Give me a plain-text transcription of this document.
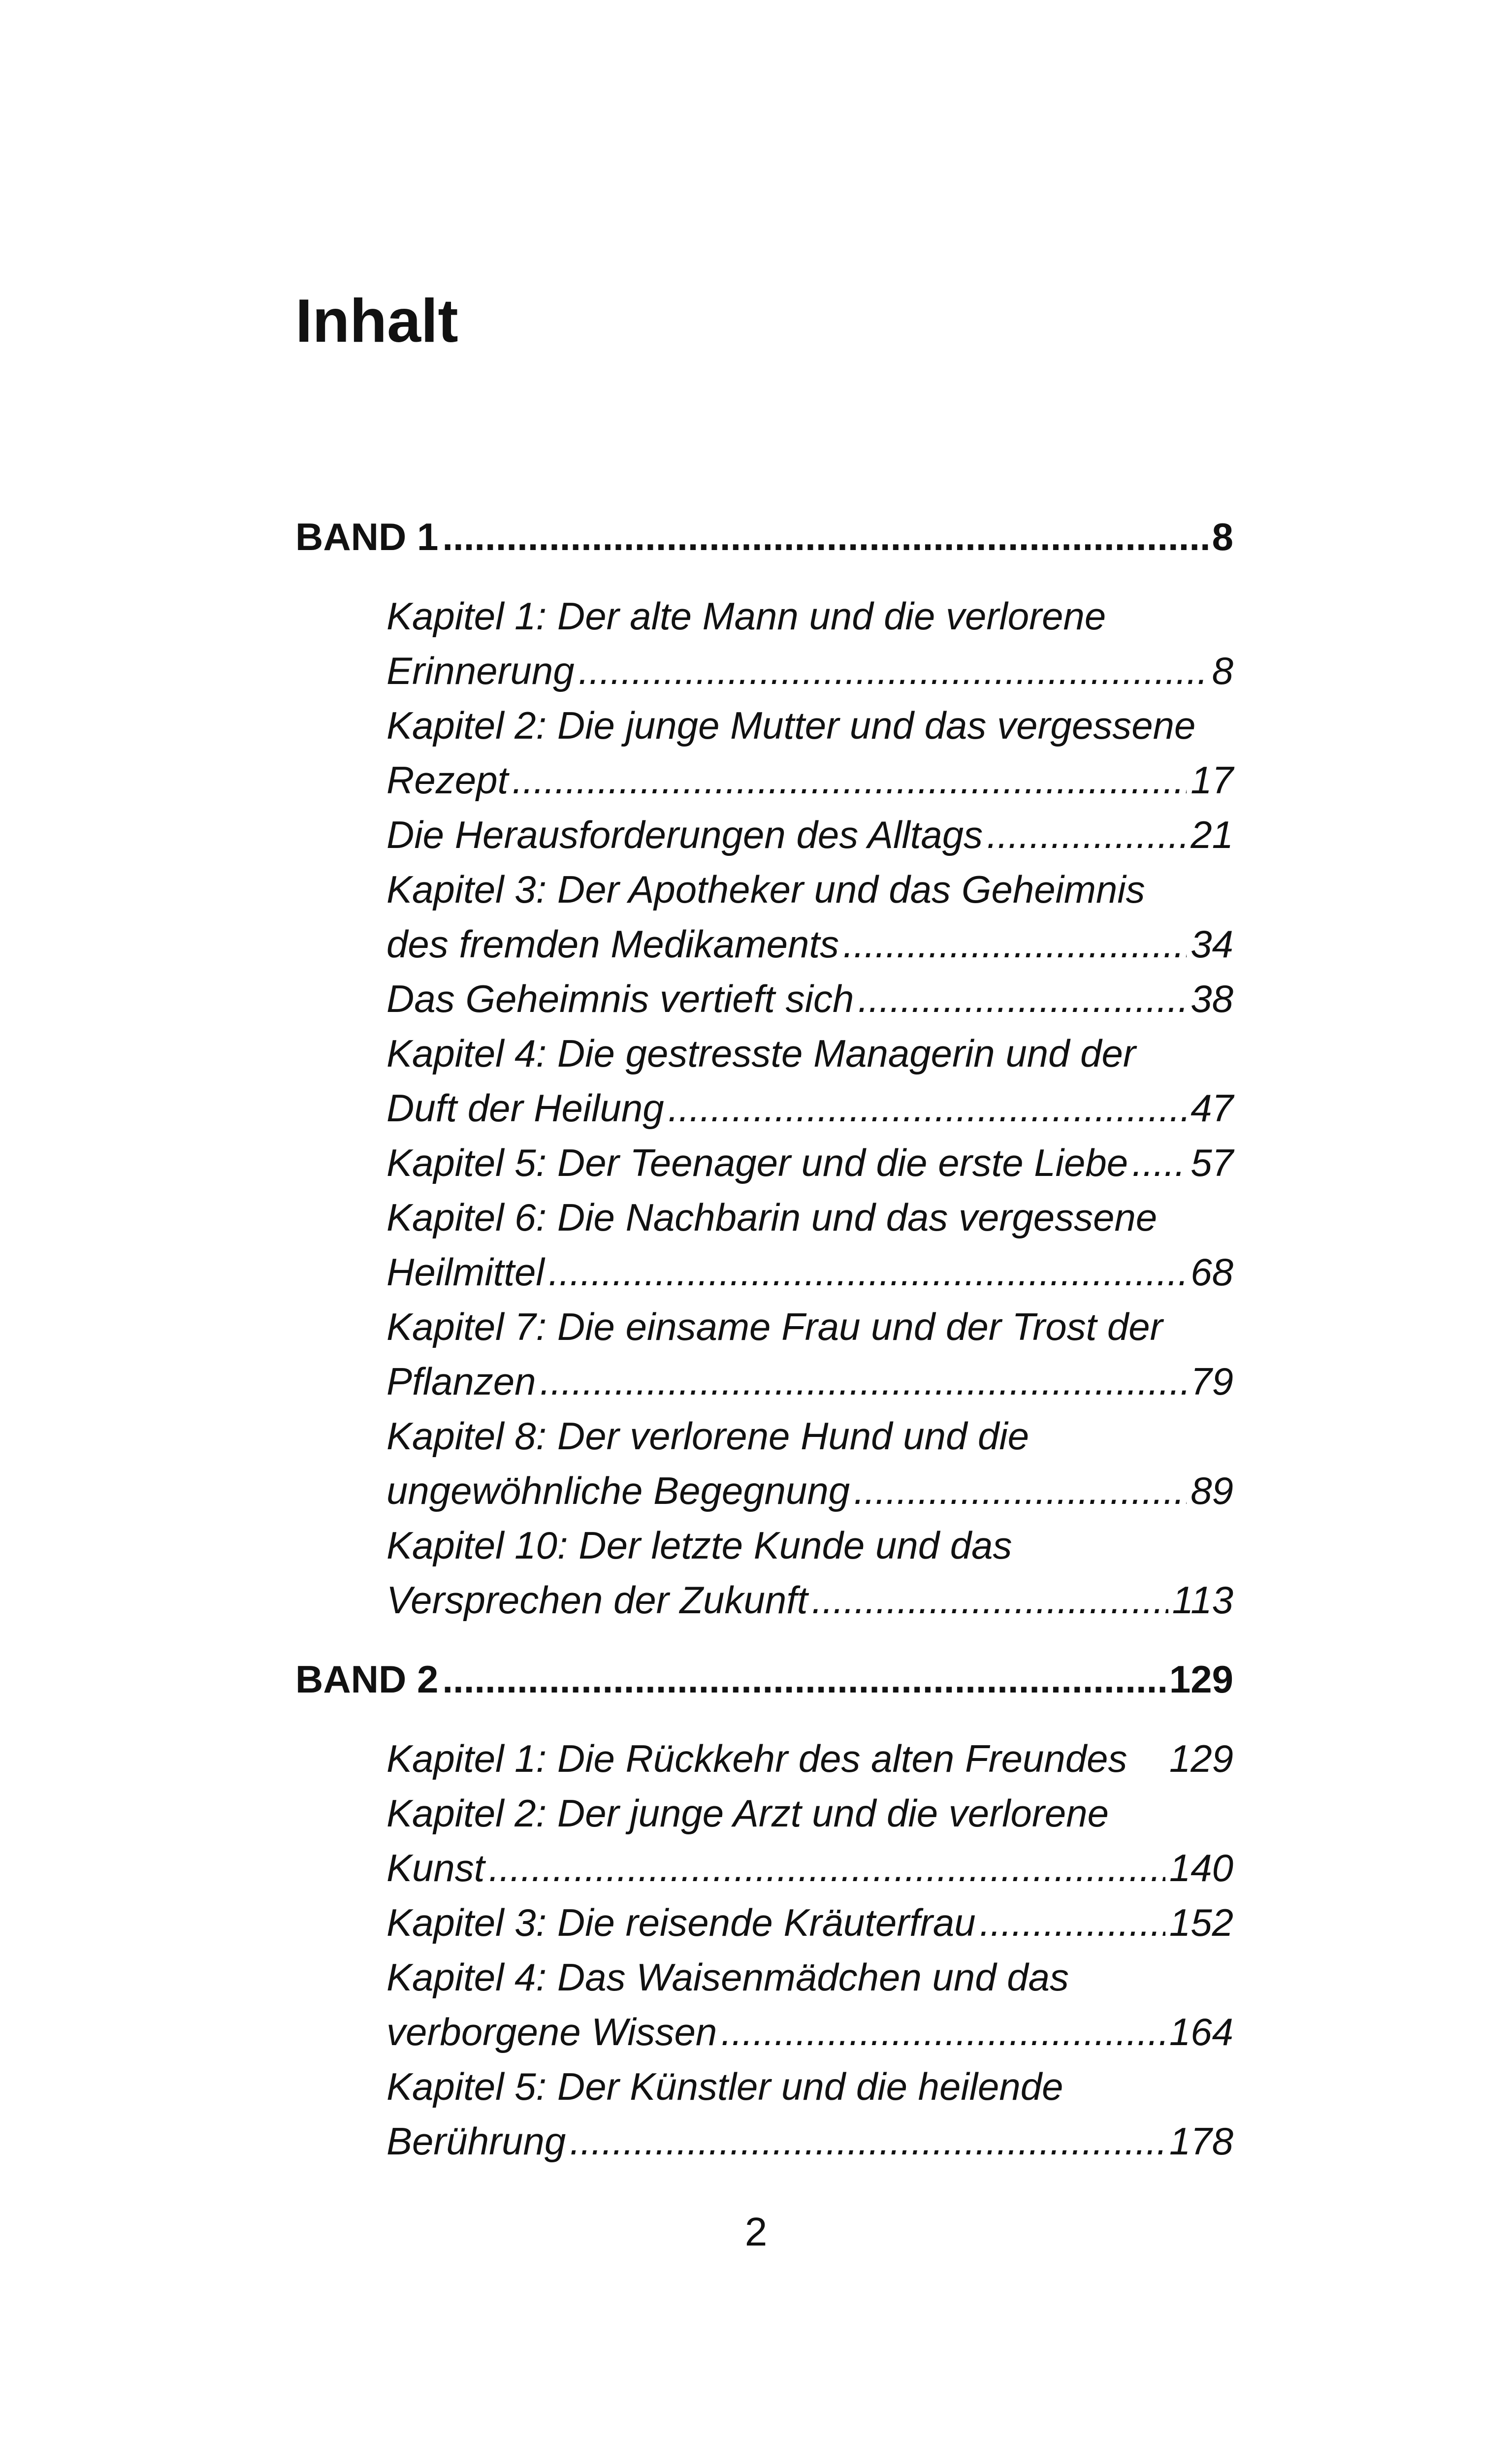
Inhalt
BAND 1 .....	8
Kapitel 1: Der alte Mann und die verlorene
Erinnerung .....	8
Kapitel 2: Die junge Mutter und das vergessene
Rezept .....	17
Die Herausforderungen des Alltags .....	21
Kapitel 3: Der Apotheker und das Geheimnis
des fremden Medikaments .....	34
Das Geheimnis vertieft sich .....	38
Kapitel 4: Die gestresste Managerin und der
Duft der Heilung .....	47
Kapitel 5: Der Teenager und die erste Liebe ..... 57
Kapitel 6: Die Nachbarin und das vergessene
Heilmittel .....	68
Kapitel 7: Die einsame Frau und der Trost der
Pflanzen .....	79
Kapitel 8: Der verlorene Hund und die
ungewöhnliche Begegnung .....	89
Kapitel 10: Der letzte Kunde und das
Versprechen der Zukunft .....	113
BAND 2 .....	129
Kapitel 1: Die Rückkehr des alten Freundes 129
Kapitel 2: Der junge Arzt und die verlorene
Kunst .....	140
Kapitel 3: Die reisende Kräuterfrau .....	152
Kapitel 4: Das Waisenmädchen und das
verborgene Wissen .....	164
Kapitel 5: Der Künstler und die heilende
Berührung .....	178
2
